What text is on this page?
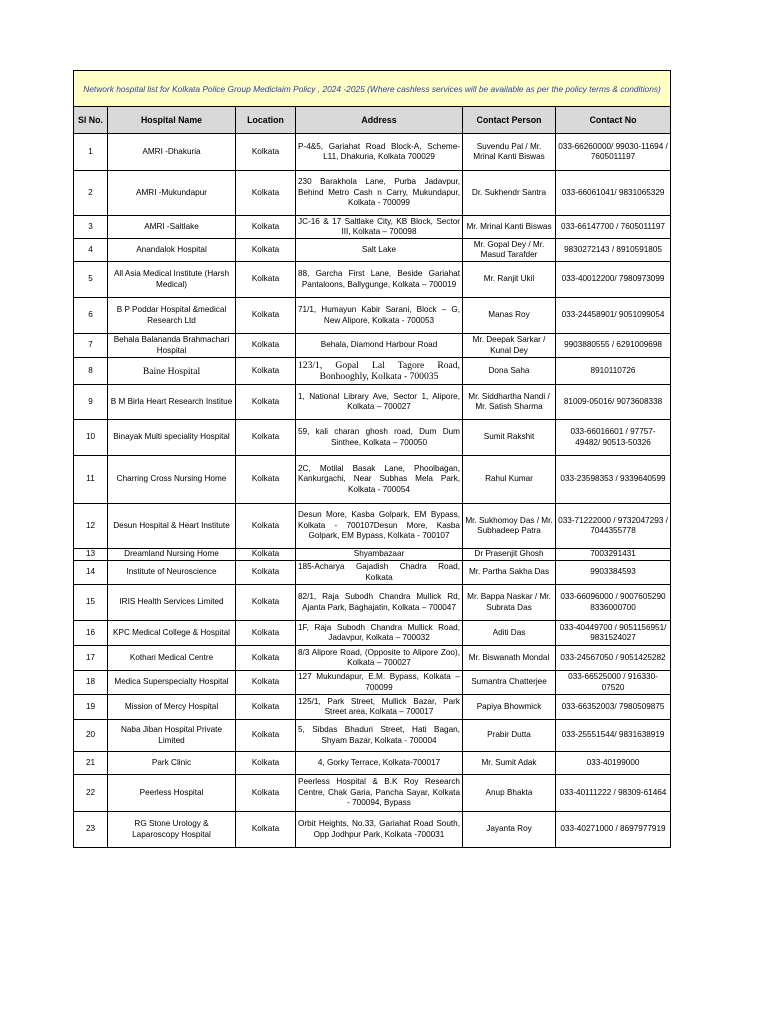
Network hospital list for Kolkata Police Group Mediclaim Policy , 2024 -2025 (Where cashless services will be available as per the policy terms & conditions)					
Sl No.	Hospital Name	Location	Address	Contact Person	Contact No
1	AMRI -Dhakuria	Kolkata	P-4&5, Gariahat Road Block-A, Scheme-L11, Dhakuria, Kolkata 700029	Suvendu Pal / Mr. Mrinal Kanti Biswas	033-66260000/ 99030-11694 / 7605011197
2	AMRI -Mukundapur	Kolkata	230 Barakhola Lane, Purba Jadavpur, Behind Metro Cash n Carry, Mukundapur, Kolkata - 700099	Dr. Sukhendr Santra	033-66061041/ 9831065329
3	AMRI -Saltlake	Kolkata	JC-16 & 17 Saltlake City, KB Block, Sector III, Kolkata – 700098	Mr. Mrinal Kanti Biswas	033-66147700 / 7605011197
4	Anandalok Hospital	Kolkata	Salt Lake	Mr. Gopal Dey / Mr. Masud Tarafder	9830272143 / 8910591805
5	All Asia Medical Institute (Harsh Medical)	Kolkata	88, Garcha First Lane, Beside Gariahat Pantaloons, Ballygunge, Kolkata – 700019	Mr. Ranjit Ukil	033-40012200/ 7980973099
6	B P Poddar Hospital &medical Research Ltd	Kolkata	71/1, Humayun Kabir Sarani, Block – G, New Alipore, Kolkata - 700053	Manas Roy	033-24458901/ 9051099054
7	Behala Balananda Brahmachari Hospital	Kolkata	Behala, Diamond Harbour Road	Mr. Deepak Sarkar / Kunal Dey	9903880555 / 6291009698
8	Baine Hospital	Kolkata	123/1, Gopal Lal Tagore Road, Bonhooghly, Kolkata - 700035	Dona Saha	8910110726
9	B M Birla Heart Research Institue	Kolkata	1, National Library Ave, Sector 1, Alipore, Kolkata – 700027	Mr. Siddhartha Nandi / Mr. Satish Sharma	81009-05016/ 9073608338
10	Binayak Multi speciality Hospital	Kolkata	59, kali charan ghosh road, Dum Dum Sinthee, Kolkata – 700050	Sumit Rakshit	033-66016601 / 97757-49482/ 90513-50326
11	Charring Cross Nursing Home	Kolkata	2C, Motilal Basak Lane, Phoolbagan, Kankurgachi, Near Subhas Mela Park, Kolkata - 700054	Rahul Kumar	033-23598353 / 9339640599
12	Desun Hospital & Heart Institute	Kolkata	Desun More, Kasba Golpark, EM Bypass, Kolkata - 700107Desun More, Kasba Golpark, EM Bypass, Kolkata - 700107	Mr. Sukhomoy Das / Mr. Subhadeep Patra	033-71222000 / 9732047293 / 7044355778
13	Dreamland Nursing Home	Kolkata	Shyambazaar	Dr Prasenjit Ghosh	7003291431
14	Institute of Neuroscience	Kolkata	185-Acharya Gajadish Chadra Road, Kolkata	Mr. Partha Sakha Das	9903384593
15	IRIS Health Services Limited	Kolkata	82/1, Raja Subodh Chandra Mullick Rd, Ajanta Park, Baghajatin, Kolkata – 700047	Mr. Bappa Naskar / Mr. Subrata Das	033-66096000 / 9007605290 8336000700
16	KPC Medical College & Hospital	Kolkata	1F, Raja Subodh Chandra Mullick Road, Jadavpur, Kolkata – 700032	Aditi Das	033-40449700 / 9051156951/ 9831524027
17	Kothari Medical Centre	Kolkata	8/3 Alipore Road, (Opposite to Alipore Zoo), Kolkata – 700027	Mr. Biswanath Mondal	033-24567050 / 9051425282
18	Medica Superspecialty Hospital	Kolkata	127 Mukundapur, E.M. Bypass, Kolkata – 700099	Sumantra Chatterjee	033-66525000 / 916330-07520
19	Mission of Mercy Hospital	Kolkata	125/1, Park Street, Mullick Bazar, Park Street area, Kolkata – 700017	Papiya Bhowmick	033-66352003/ 7980509875
20	Naba Jiban Hospital Private Limited	Kolkata	5, Sibdas Bhaduri Street, Hati Bagan, Shyam Bazar, Kolkata - 700004	Prabir Dutta	033-25551544/ 9831638919
21	Park Clinic	Kolkata	4, Gorky Terrace, Kolkata-700017	Mr. Sumit Adak	033-40199000
22	Peerless Hospital	Kolkata	Peerless Hospital & B.K Roy Research Centre, Chak Garia, Pancha Sayar, Kolkata - 700094, Bypass	Anup Bhakta	033-40111222 / 98309-61464
23	RG Stone Urology & Laparoscopy Hospital	Kolkata	Orbit Heights, No.33, Gariahat Road South, Opp Jodhpur Park, Kolkata -700031	Jayanta Roy	033-40271000 / 8697977919
